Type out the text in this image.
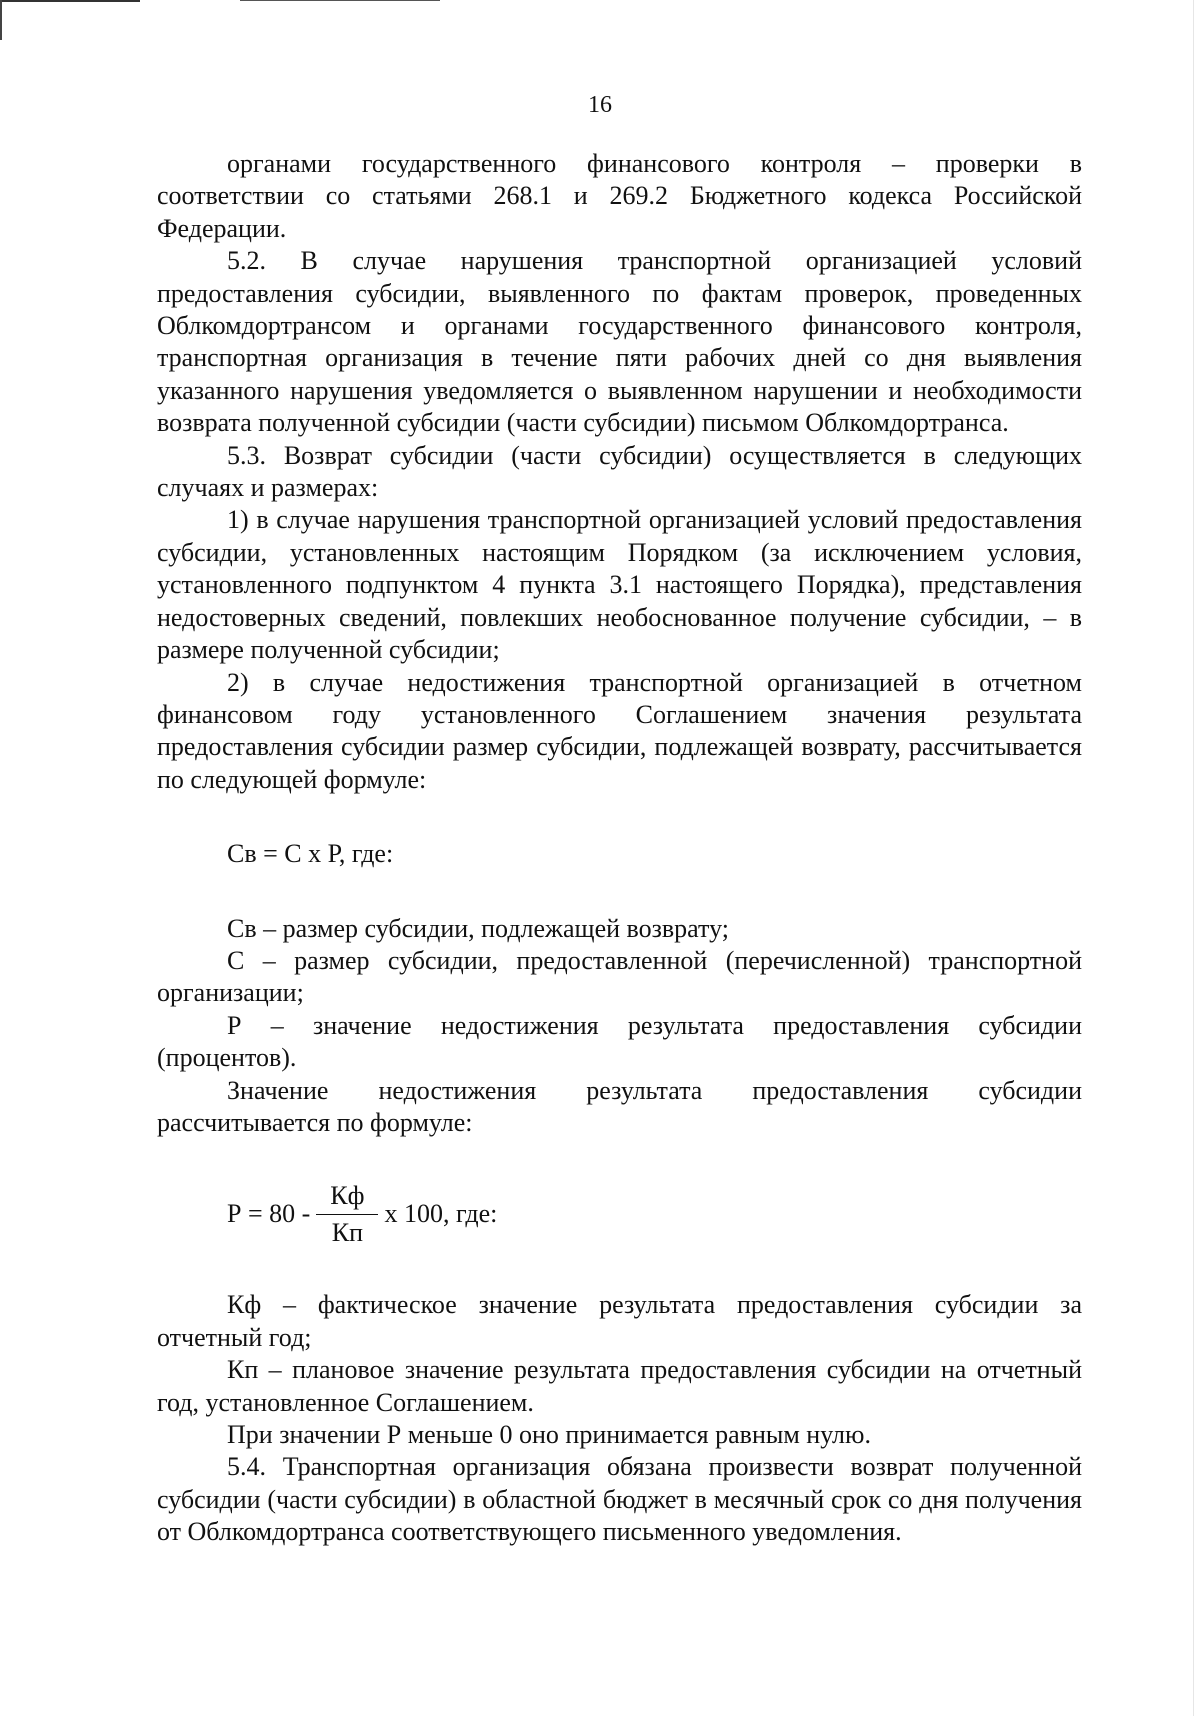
16

органами государственного финансового контроля – проверки в соответствии со статьями 268.1 и 269.2 Бюджетного кодекса Российской Федерации.

5.2. В случае нарушения транспортной организацией условий предоставления субсидии, выявленного по фактам проверок, проведенных Облкомдортрансом и органами государственного финансового контроля, транспортная организация в течение пяти рабочих дней со дня выявления указанного нарушения уведомляется о выявленном нарушении и необходимости возврата полученной субсидии (части субсидии) письмом Облкомдортранса.

5.3. Возврат субсидии (части субсидии) осуществляется в следующих случаях и размерах:

1) в случае нарушения транспортной организацией условий предоставления субсидии, установленных настоящим Порядком (за исключением условия, установленного подпунктом 4 пункта 3.1 настоящего Порядка), представления недостоверных сведений, повлекших необоснованное получение субсидии, – в размере полученной субсидии;

2) в случае недостижения транспортной организацией в отчетном финансовом году установленного Соглашением значения результата предоставления субсидии размер субсидии, подлежащей возврату, рассчитывается по следующей формуле:

Св = С х Р, где:

Св – размер субсидии, подлежащей возврату;

С – размер субсидии, предоставленной (перечисленной) транспортной организации;

Р – значение недостижения результата предоставления субсидии (процентов).

Значение недостижения результата предоставления субсидии рассчитывается по формуле:

$Р = 80 - \frac{Кф}{Кп}$ х 100, где:

Кф – фактическое значение результата предоставления субсидии за отчетный год;

Кп – плановое значение результата предоставления субсидии на отчетный год, установленное Соглашением.

При значении Р меньше 0 оно принимается равным нулю.

5.4. Транспортная организация обязана произвести возврат полученной субсидии (части субсидии) в областной бюджет в месячный срок со дня получения от Облкомдортранса соответствующего письменного уведомления.
